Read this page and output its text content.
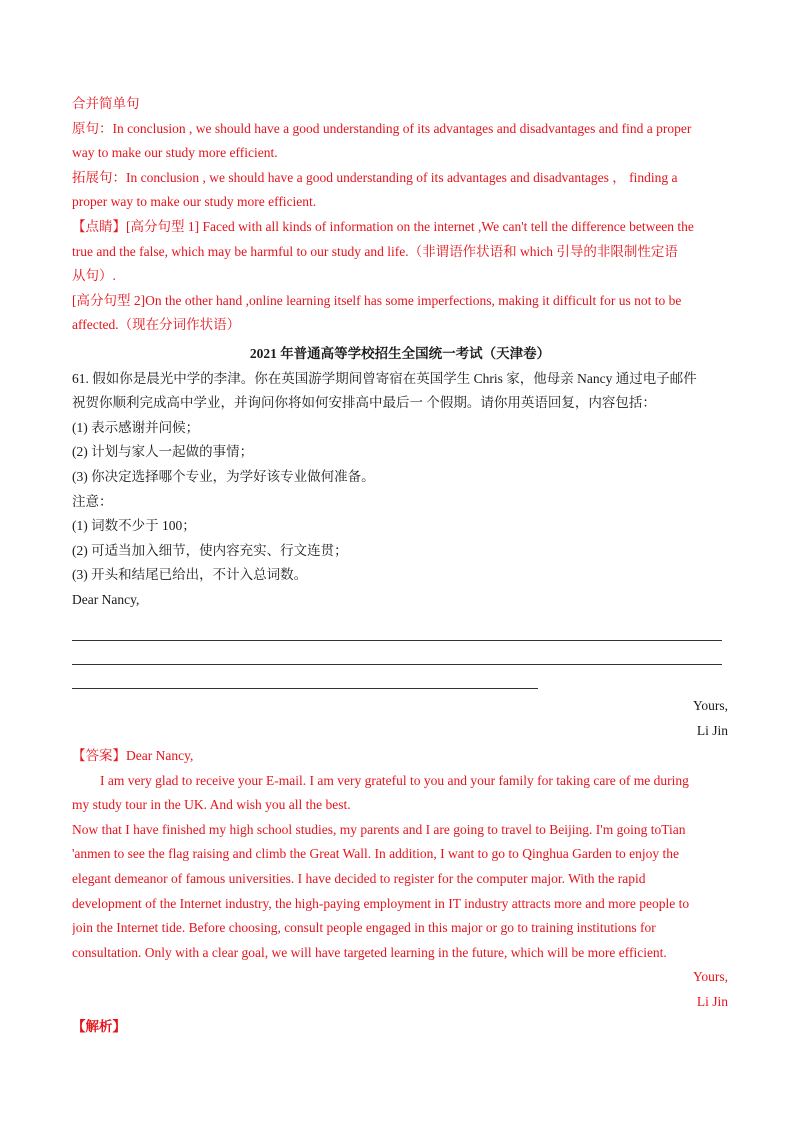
合并简单句
原句：In conclusion , we should have a good understanding of its advantages and disadvantages and find a proper
way to make our study more efficient.
拓展句：In conclusion , we should have a good understanding of its advantages and disadvantages ， finding a
proper way to make our study more efficient.
【点睛】[高分句型 1] Faced with all kinds of information on the internet ,We can't tell the difference between the
true and the false, which may be harmful to our study and life.（非谓语作状语和 which 引导的非限制性定语
从句）.
[高分句型 2]On the other hand ,online learning itself has some imperfections, making it difficult for us not to be
affected.（现在分词作状语）
2021 年普通高等学校招生全国统一考试（天津卷）
61. 假如你是晨光中学的李津。你在英国游学期间曾寄宿在英国学生 Chris 家，他母亲 Nancy 通过电子邮件
祝贺你顺利完成高中学业，并询问你将如何安排高中最后一 个假期。请你用英语回复，内容包括：
(1) 表示感谢并问候；
(2) 计划与家人一起做的事情；
(3) 你决定选择哪个专业，为学好该专业做何准备。
注意：
(1) 词数不少于 100；
(2) 可适当加入细节，使内容充实、行文连贯；
(3) 开头和结尾已给出，不计入总词数。
Dear Nancy,
Yours,
Li Jin
【答案】Dear Nancy,
I am very glad to receive your E-mail. I am very grateful to you and your family for taking care of me during
my study tour in the UK. And wish you all the best.
Now that I have finished my high school studies, my parents and I are going to travel to Beijing. I'm going toTian
'anmen to see the flag raising and climb the Great Wall. In addition, I want to go to Qinghua Garden to enjoy the
elegant demeanor of famous universities. I have decided to register for the computer major. With the rapid
development of the Internet industry, the high-paying employment in IT industry attracts more and more people to
join the Internet tide. Before choosing, consult people engaged in this major or go to training institutions for
consultation. Only with a clear goal, we will have targeted learning in the future, which will be more efficient.
Yours,
Li Jin
【解析】
